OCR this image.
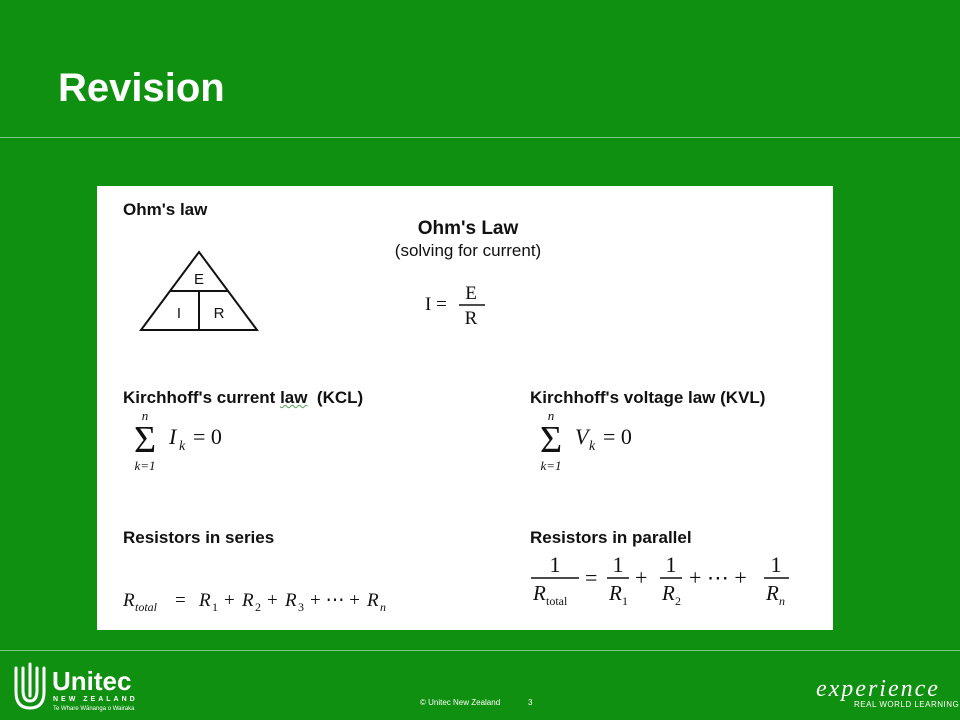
Revision
Ohm's law
E
I R
Ohm's Law
(solving for current)
I =
E
R
Kirchhoff's current law  (KCL)
n
Σ
k=1
I k = 0
Kirchhoff's voltage law (KVL)
n
Σ
k=1
V k = 0
Resistors in series
R total = R 1 + R 2 + R 3 + ⋯ + R n
Resistors in parallel
1
R total
=
1
R 1
+
1
R 2
+ ⋯ +
1
R n
Unitec
NEW ZEALAND
Te Whare Wānanga o Wairaka
© Unitec New Zealand	3
experience
REAL WORLD LEARNING
